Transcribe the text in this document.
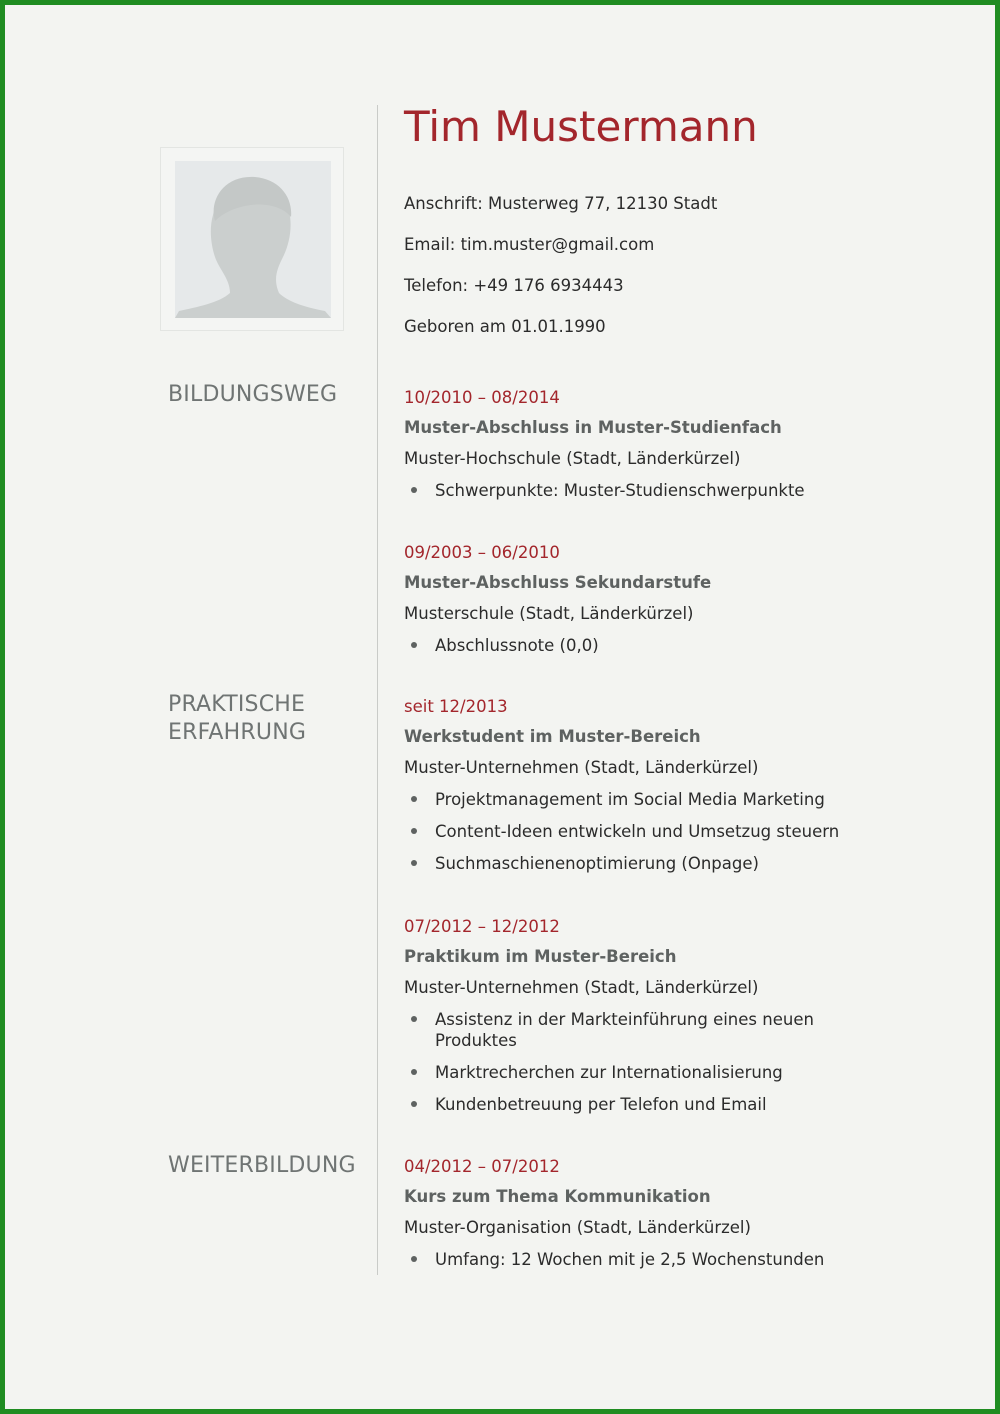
Tim Mustermann
Anschrift: Musterweg 77, 12130 Stadt
Email: tim.muster@gmail.com
Telefon: +49 176 6934443
Geboren am 01.01.1990
BILDUNGSWEG
PRAKTISCHE
ERFAHRUNG
WEITERBILDUNG
10/2010 – 08/2014
Muster-Abschluss in Muster-Studienfach
Muster-Hochschule (Stadt, Länderkürzel)
Schwerpunkte: Muster-Studienschwerpunkte
09/2003 – 06/2010
Muster-Abschluss Sekundarstufe
Musterschule (Stadt, Länderkürzel)
Abschlussnote (0,0)
seit 12/2013
Werkstudent im Muster-Bereich
Muster-Unternehmen (Stadt, Länderkürzel)
Projektmanagement im Social Media Marketing
Content-Ideen entwickeln und Umsetzug steuern
Suchmaschienenoptimierung (Onpage)
07/2012 – 12/2012
Praktikum im Muster-Bereich
Muster-Unternehmen (Stadt, Länderkürzel)
Assistenz in der Markteinführung eines neuen Produktes
Marktrecherchen zur Internationalisierung
Kundenbetreuung per Telefon und Email
04/2012 – 07/2012
Kurs zum Thema Kommunikation
Muster-Organisation (Stadt, Länderkürzel)
Umfang: 12 Wochen mit je 2,5 Wochenstunden
